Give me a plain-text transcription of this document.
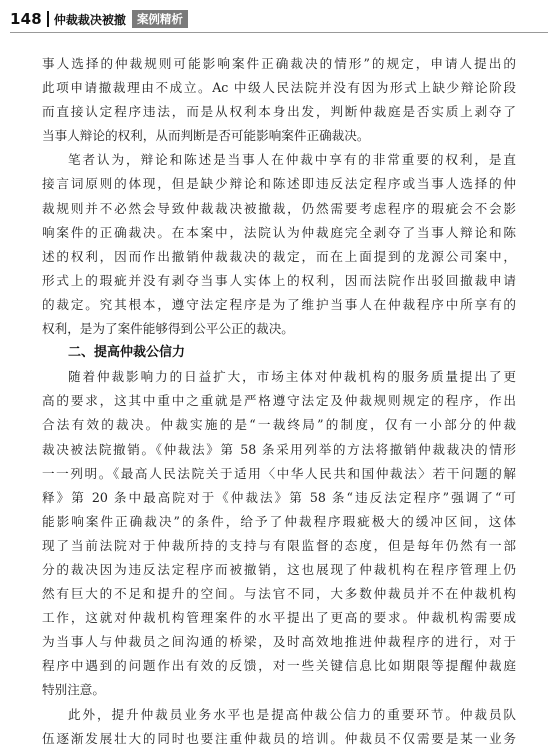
148 仲裁裁决被撤 案例精析
事人选择的仲裁规则可能影响案件正确裁决的情形”的规定，申请人提出的
此项申请撤裁理由不成立。Ac 中级人民法院并没有因为形式上缺少辩论阶段
而直接认定程序违法，而是从权利本身出发，判断仲裁庭是否实质上剥夺了
当事人辩论的权利，从而判断是否可能影响案件正确裁决。
笔者认为，辩论和陈述是当事人在仲裁中享有的非常重要的权利，是直
接言词原则的体现，但是缺少辩论和陈述即违反法定程序或当事人选择的仲
裁规则并不必然会导致仲裁裁决被撤裁，仍然需要考虑程序的瑕疵会不会影
响案件的正确裁决。在本案中，法院认为仲裁庭完全剥夺了当事人辩论和陈
述的权利，因而作出撤销仲裁裁决的裁定，而在上面提到的龙源公司案中，
形式上的瑕疵并没有剥夺当事人实体上的权利，因而法院作出驳回撤裁申请
的裁定。究其根本，遵守法定程序是为了维护当事人在仲裁程序中所享有的
权利，是为了案件能够得到公平公正的裁决。
二、提高仲裁公信力
随着仲裁影响力的日益扩大，市场主体对仲裁机构的服务质量提出了更
高的要求，这其中重中之重就是严格遵守法定及仲裁规则规定的程序，作出
合法有效的裁决。仲裁实施的是“一裁终局”的制度，仅有一小部分的仲裁
裁决被法院撤销。《仲裁法》第 58 条采用列举的方法将撤销仲裁裁决的情形
一一列明。《最高人民法院关于适用〈中华人民共和国仲裁法〉若干问题的解
释》第 20 条中最高院对于《仲裁法》第 58 条“违反法定程序”强调了“可
能影响案件正确裁决”的条件，给予了仲裁程序瑕疵极大的缓冲区间，这体
现了当前法院对于仲裁所持的支持与有限监督的态度，但是每年仍然有一部
分的裁决因为违反法定程序而被撤销，这也展现了仲裁机构在程序管理上仍
然有巨大的不足和提升的空间。与法官不同，大多数仲裁员并不在仲裁机构
工作，这就对仲裁机构管理案件的水平提出了更高的要求。仲裁机构需要成
为当事人与仲裁员之间沟通的桥梁，及时高效地推进仲裁程序的进行，对于
程序中遇到的问题作出有效的反馈，对一些关键信息比如期限等提醒仲裁庭
特别注意。
此外，提升仲裁员业务水平也是提高仲裁公信力的重要环节。仲裁员队
伍逐渐发展壮大的同时也要注重仲裁员的培训。仲裁员不仅需要是某一业务
